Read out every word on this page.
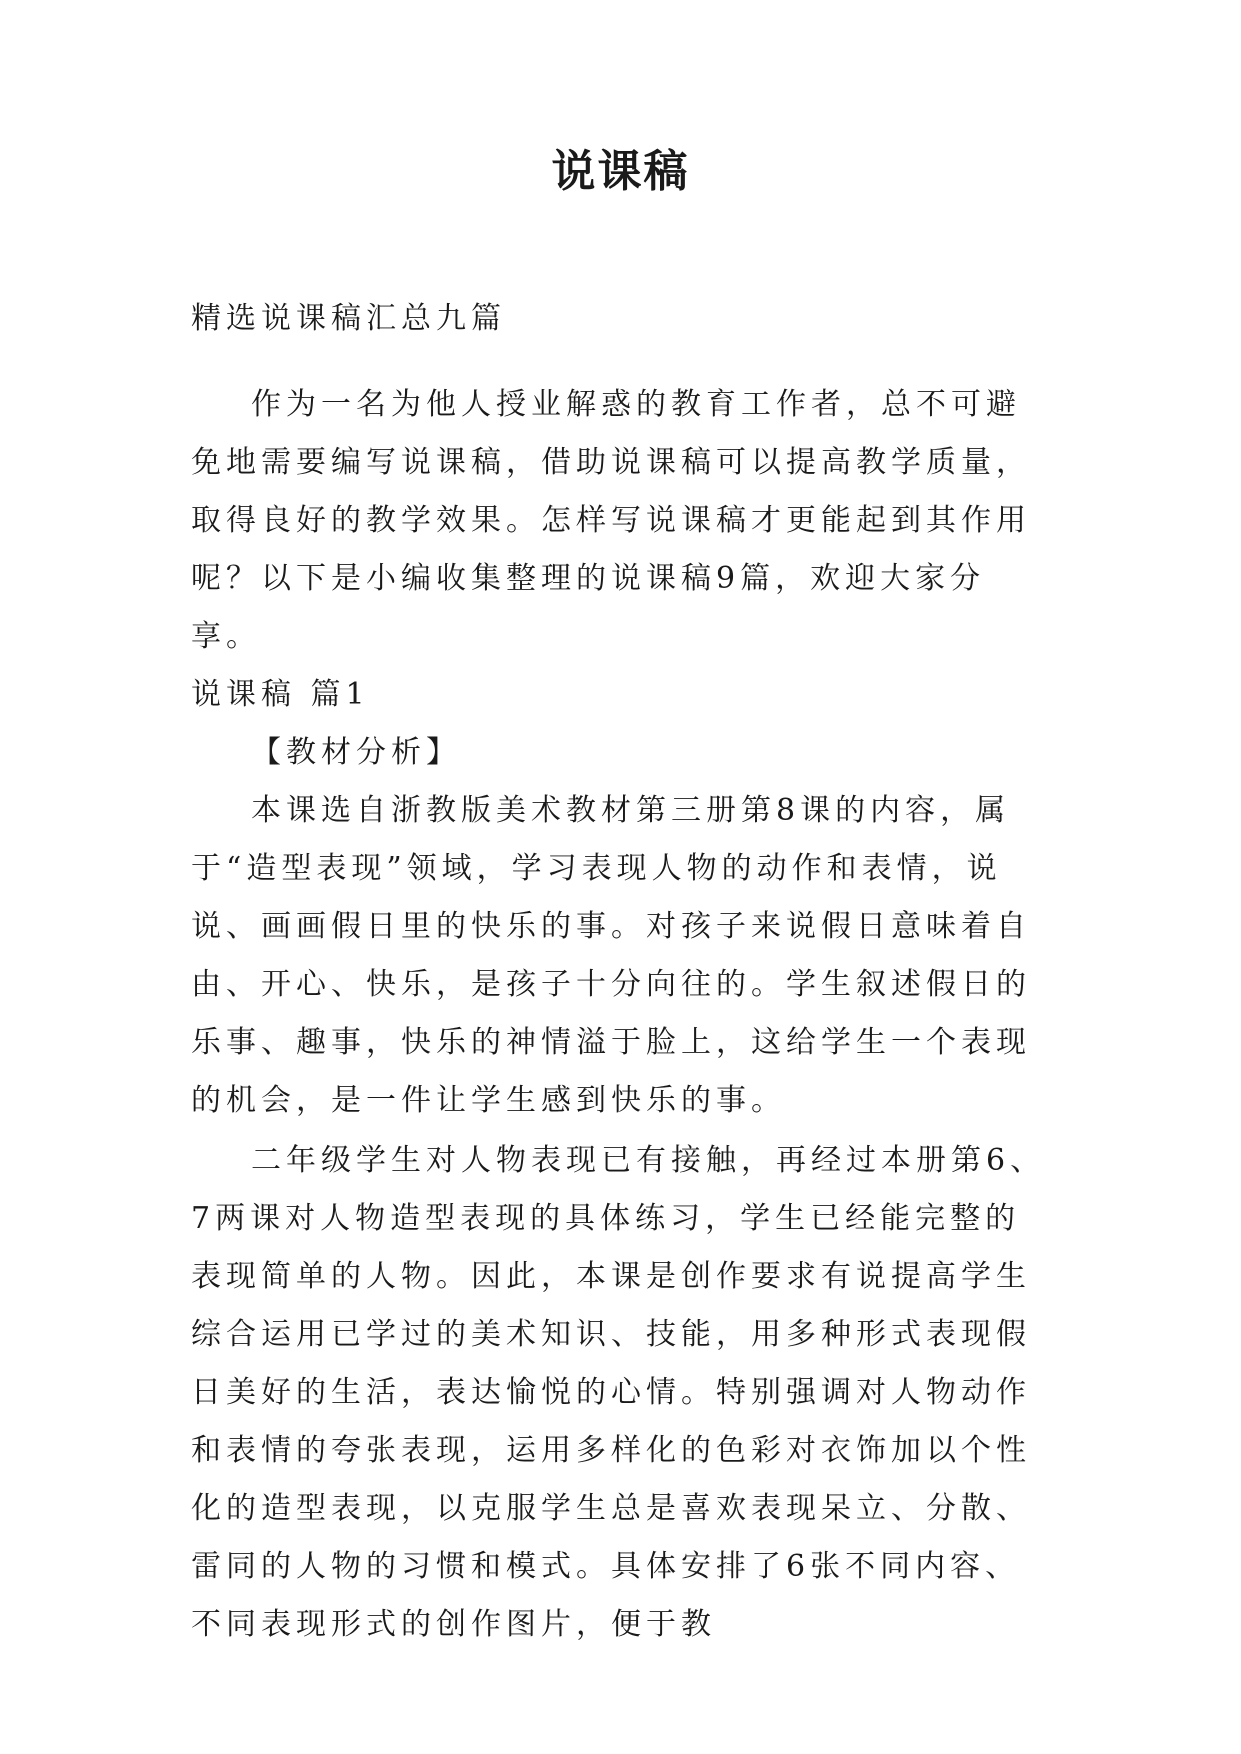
说课稿

精选说课稿汇总九篇

作为一名为他人授业解惑的教育工作者，总不可避免地需要编写说课稿，借助说课稿可以提高教学质量，取得良好的教学效果。怎样写说课稿才更能起到其作用呢？以下是小编收集整理的说课稿9篇，欢迎大家分享。

说课稿 篇1

【教材分析】

本课选自浙教版美术教材第三册第8课的内容，属于“造型表现”领域，学习表现人物的动作和表情，说说、画画假日里的快乐的事。对孩子来说假日意味着自由、开心、快乐，是孩子十分向往的。学生叙述假日的乐事、趣事，快乐的神情溢于脸上，这给学生一个表现的机会，是一件让学生感到快乐的事。

二年级学生对人物表现已有接触，再经过本册第6、7两课对人物造型表现的具体练习，学生已经能完整的表现简单的人物。因此，本课是创作要求有说提高学生综合运用已学过的美术知识、技能，用多种形式表现假日美好的生活，表达愉悦的心情。特别强调对人物动作和表情的夸张表现，运用多样化的色彩对衣饰加以个性化的造型表现，以克服学生总是喜欢表现呆立、分散、雷同的人物的习惯和模式。具体安排了6张不同内容、不同表现形式的创作图片，便于教
